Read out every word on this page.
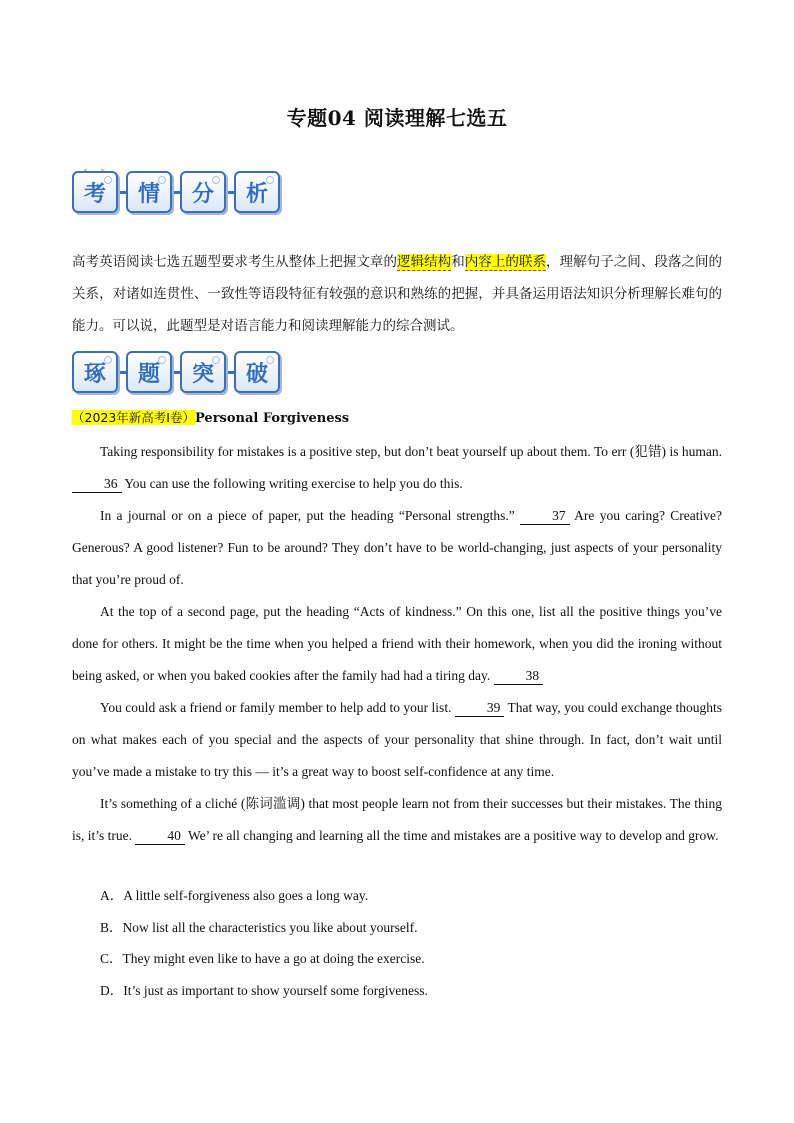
专题04 阅读理解七选五
考	情	分	析
高考英语阅读七选五题型要求考生从整体上把握文章的逻辑结构和内容上的联系，理解句子之间、段落之间的关系，对诸如连贯性、一致性等语段特征有较强的意识和熟练的把握，并具备运用语法知识分析理解长难句的能力。可以说，此题型是对语言能力和阅读理解能力的综合测试。
琢	题	突	破
（2023年新高考Ⅰ卷）Personal Forgiveness

Taking responsibility for mistakes is a positive step, but don’t beat yourself up about them. To err (犯错) is human. 36 You can use the following writing exercise to help you do this.

In a journal or on a piece of paper, put the heading “Personal strengths.”	37 Are you caring? Creative? Generous? A good listener? Fun to be around? They don’t have to be world-changing, just aspects of your personality that you’re proud of.

At the top of a second page, put the heading “Acts of kindness.” On this one, list all the positive things you’ve done for others. It might be the time when you helped a friend with their homework, when you did the ironing without being asked, or when you baked cookies after the family had had a tiring day.	38

You could ask a friend or family member to help add to your list.	39 That way, you could exchange thoughts on what makes each of you special and the aspects of your personality that shine through. In fact, don’t wait until you’ve made a mistake to try this — it’s a great way to boost self-confidence at any time.

It’s something of a cliché (陈词滥调) that most people learn not from their successes but their mistakes. The thing is, it’s true.	40 We’ re all changing and learning all the time and mistakes are a positive way to develop and grow.

A．A little self-forgiveness also goes a long way.
B．Now list all the characteristics you like about yourself.
C．They might even like to have a go at doing the exercise.
D．It’s just as important to show yourself some forgiveness.
